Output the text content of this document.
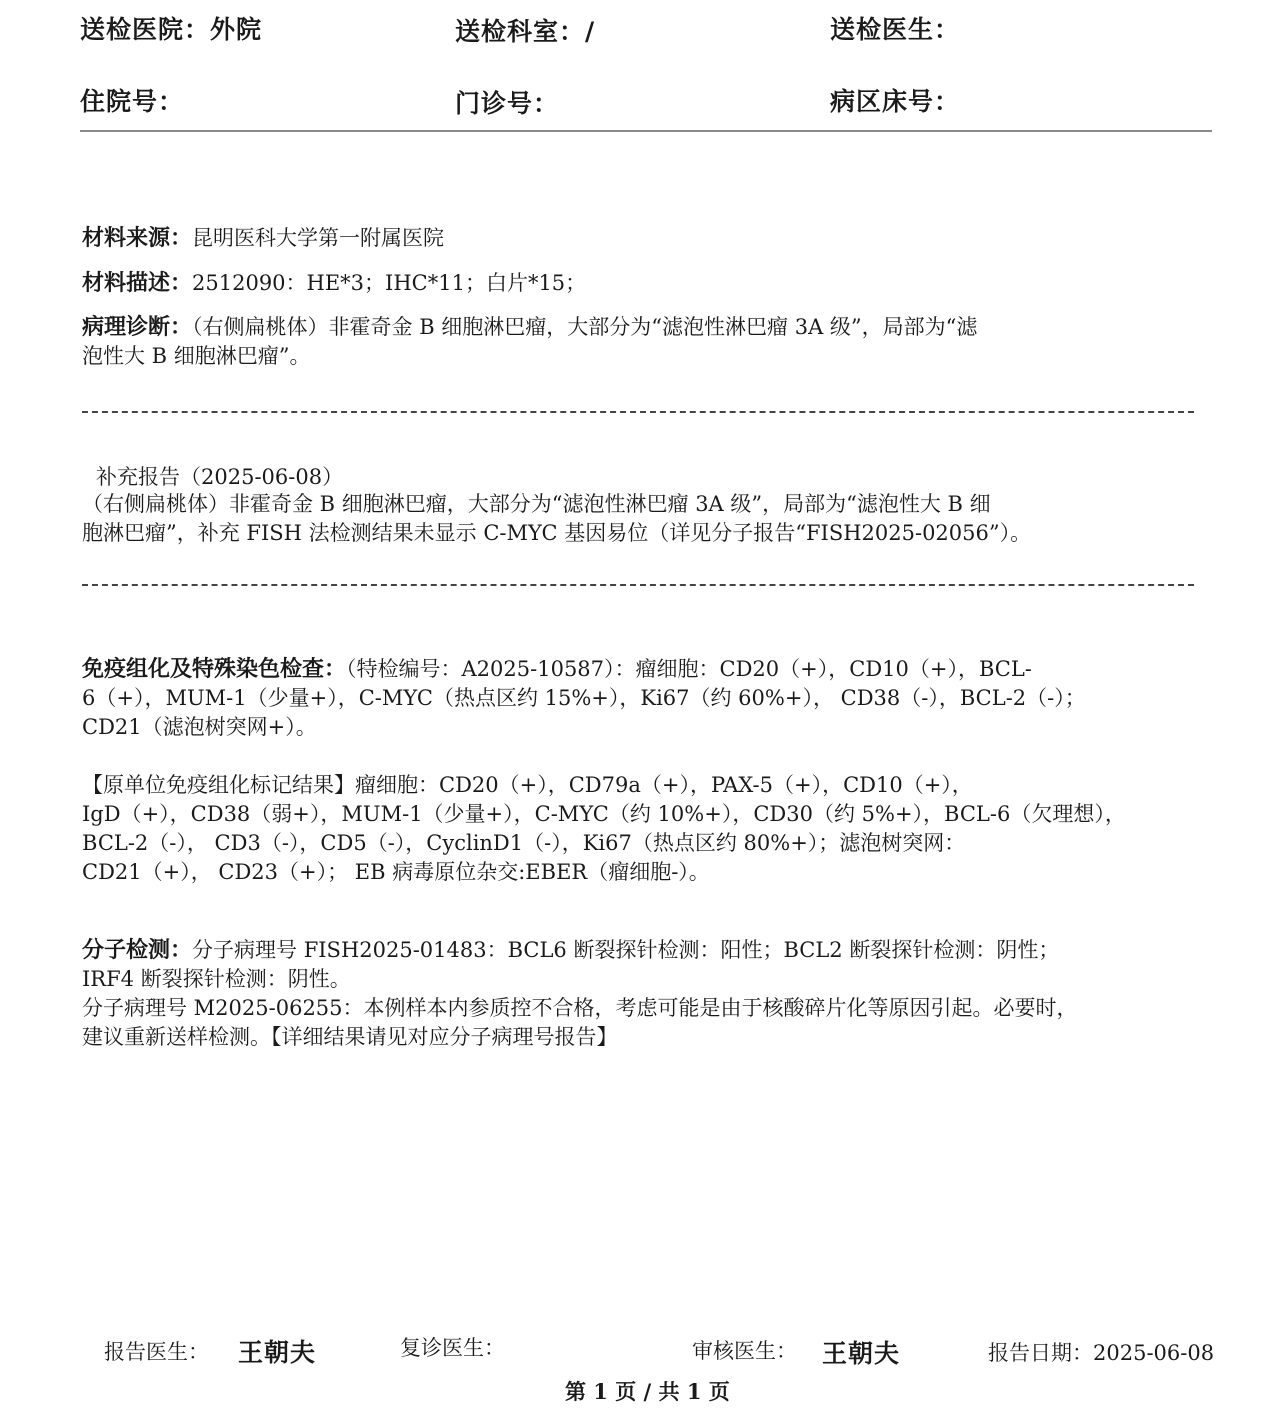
送检医院：外院	送检科室：/	送检医生：
住院号：	门诊号：	病区床号：

材料来源：昆明医科大学第一附属医院

材料描述：2512090：HE*3；IHC*11；白片*15；

病理诊断：（右侧扁桃体）非霍奇金 B 细胞淋巴瘤，大部分为“滤泡性淋巴瘤 3A 级”，局部为“滤
泡性大 B 细胞淋巴瘤”。
补充报告（2025-06-08）
（右侧扁桃体）非霍奇金 B 细胞淋巴瘤，大部分为“滤泡性淋巴瘤 3A 级”，局部为“滤泡性大 B 细
胞淋巴瘤”，补充 FISH 法检测结果未显示 C-MYC 基因易位（详见分子报告“FISH2025-02056”）。
免疫组化及特殊染色检查：（特检编号：A2025-10587）：瘤细胞：CD20（+），CD10（+），BCL-
6（+），MUM-1（少量+），C-MYC（热点区约 15%+），Ki67（约 60%+）， CD38（-），BCL-2（-）；
CD21（滤泡树突网+）。
【原单位免疫组化标记结果】瘤细胞：CD20（+），CD79a（+），PAX-5（+），CD10（+），
IgD（+），CD38（弱+），MUM-1（少量+），C-MYC（约 10%+），CD30（约 5%+），BCL-6（欠理想），
BCL-2（-）， CD3（-），CD5（-），CyclinD1（-），Ki67（热点区约 80%+）；滤泡树突网：
CD21（+）， CD23（+）； EB 病毒原位杂交:EBER（瘤细胞-）。
分子检测：分子病理号 FISH2025-01483：BCL6 断裂探针检测：阳性；BCL2 断裂探针检测：阴性；
IRF4 断裂探针检测：阴性。
分子病理号 M2025-06255：本例样本内参质控不合格，考虑可能是由于核酸碎片化等原因引起。必要时，
建议重新送样检测。【详细结果请见对应分子病理号报告】
报告医生： 王朝夫	复诊医生：	审核医生： 王朝夫	报告日期：2025-06-08
第 1 页 / 共 1 页
